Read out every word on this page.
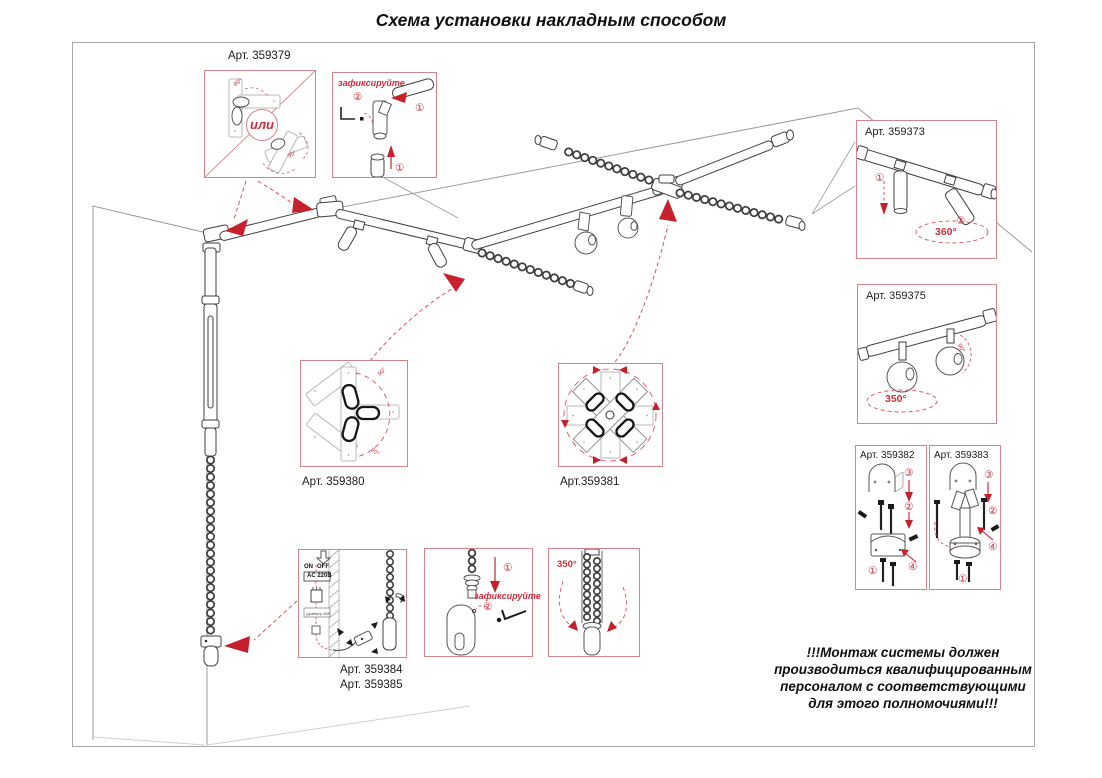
Схема установки накладным способом
Арт. 359379
90°
90°
или
зафиксируйте
②
①
①
Арт. 359373
①
②
360°
Арт. 359375
90°
350°
Арт. 359382
③
②
④
①
Арт. 359383
③
②
④
①
90°
90°
Арт. 359380	Арт.359381
ON OFF
AC 220В
Драйвер 48В
Арт. 359384
Арт. 359385
①
зафиксируйте
②
350°
!!!Монтаж системы должен
производиться квалифицированным
персоналом с соответствующими
для этого полномочиями!!!
